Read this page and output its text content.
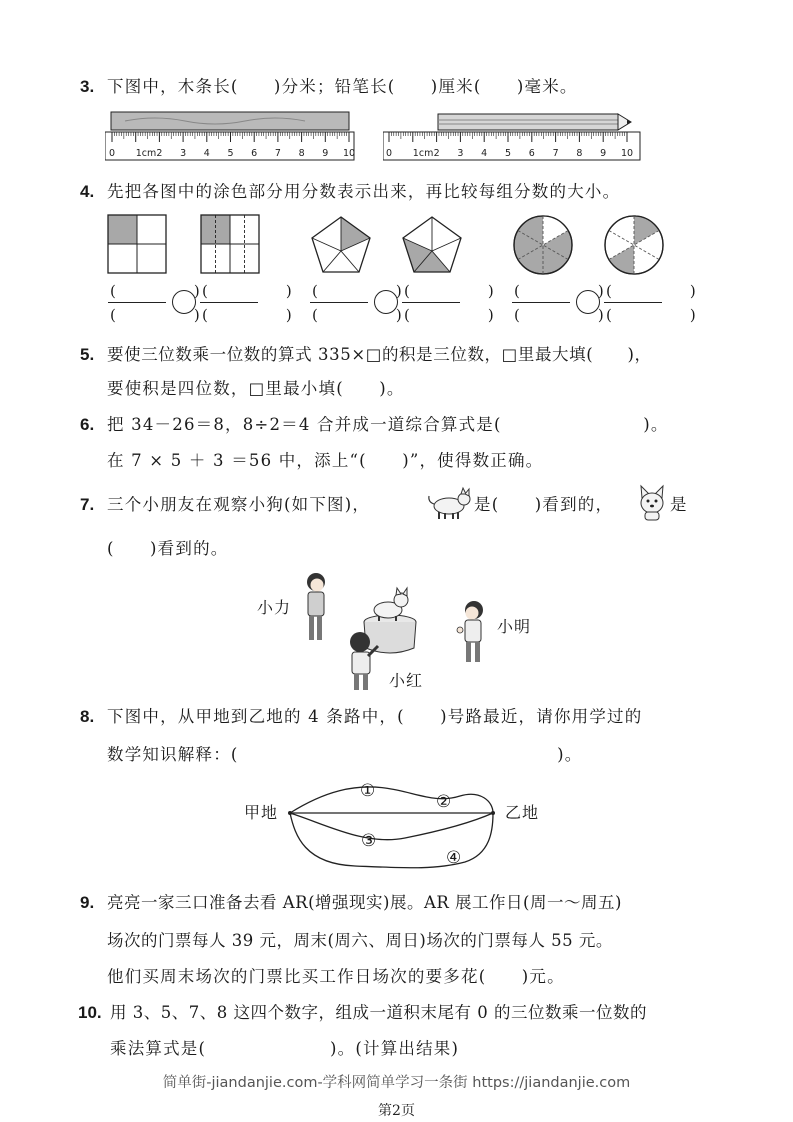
3. 下图中，木条长(　　)分米；铅笔长(　　)厘米(　　)毫米。
0 1cm 2 3 4 5 6 7 8 9 10	0 1cm 2 3 4 5 6 7 8 9 10
4. 先把各图中的涂色部分用分数表示出来，再比较每组分数的大小。
(　　)
(　　)
(　　)
(　　)
(　　)
(　　)
(　　)
(　　)
(　　)
(　　)
(　　)
(　　)
5. 要使三位数乘一位数的算式 335×□的积是三位数，□里最大填(　　)，
要使积是四位数，□里最小填(　　)。
6. 把 34－26＝8，8÷2＝4 合并成一道综合算式是(　　　　　　　　)。
在 7 × 5 ＋ 3 ＝56 中，添上“(　　)”，使得数正确。
7. 三个小朋友在观察小狗(如下图)，	是(　　)看到的，	是
(　　)看到的。
小力
小明
小红
8. 下图中，从甲地到乙地的 4 条路中，(　　)号路最近，请你用学过的
数学知识解释：(　　　　　　　　　　　　　　　　　　)。
甲地	乙地
①
②
③
④
9. 亮亮一家三口准备去看 AR(增强现实)展。AR 展工作日(周一～周五)
场次的门票每人 39 元，周末(周六、周日)场次的门票每人 55 元。
他们买周末场次的门票比买工作日场次的要多花(　　)元。
10. 用 3、5、7、8 这四个数字，组成一道积末尾有 0 的三位数乘一位数的
乘法算式是(　　　　　　　)。(计算出结果)
第2页
简单街-jiandanjie.com-学科网简单学习一条街 https://jiandanjie.com
